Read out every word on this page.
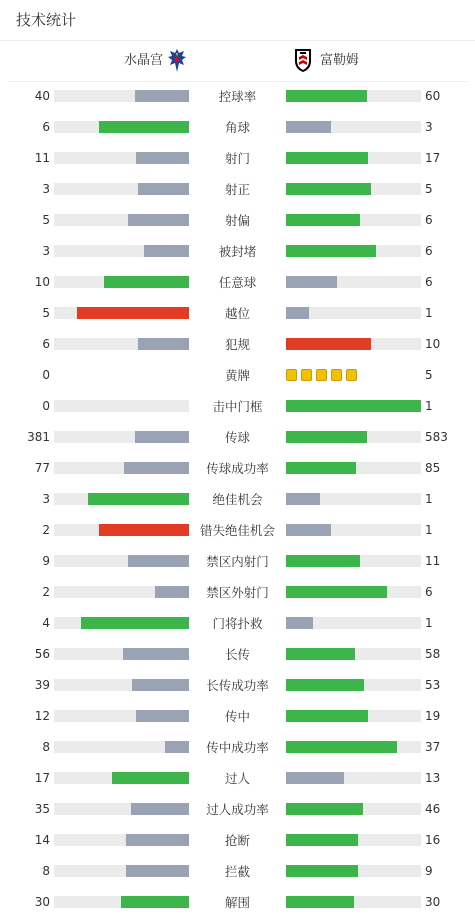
技术统计
水晶宫	富勒姆
40	控球率	60
6	角球	3
11	射门	17
3	射正	5
5	射偏	6
3	被封堵	6
10	任意球	6
5	越位	1
6	犯规	10
0	黄牌	5
0	击中门框	1
381	传球	583
77	传球成功率	85
3	绝佳机会	1
2	错失绝佳机会	1
9	禁区内射门	11
2	禁区外射门	6
4	门将扑救	1
56	长传	58
39	长传成功率	53
12	传中	19
8	传中成功率	37
17	过人	13
35	过人成功率	46
14	抢断	16
8	拦截	9
30	解围	30
